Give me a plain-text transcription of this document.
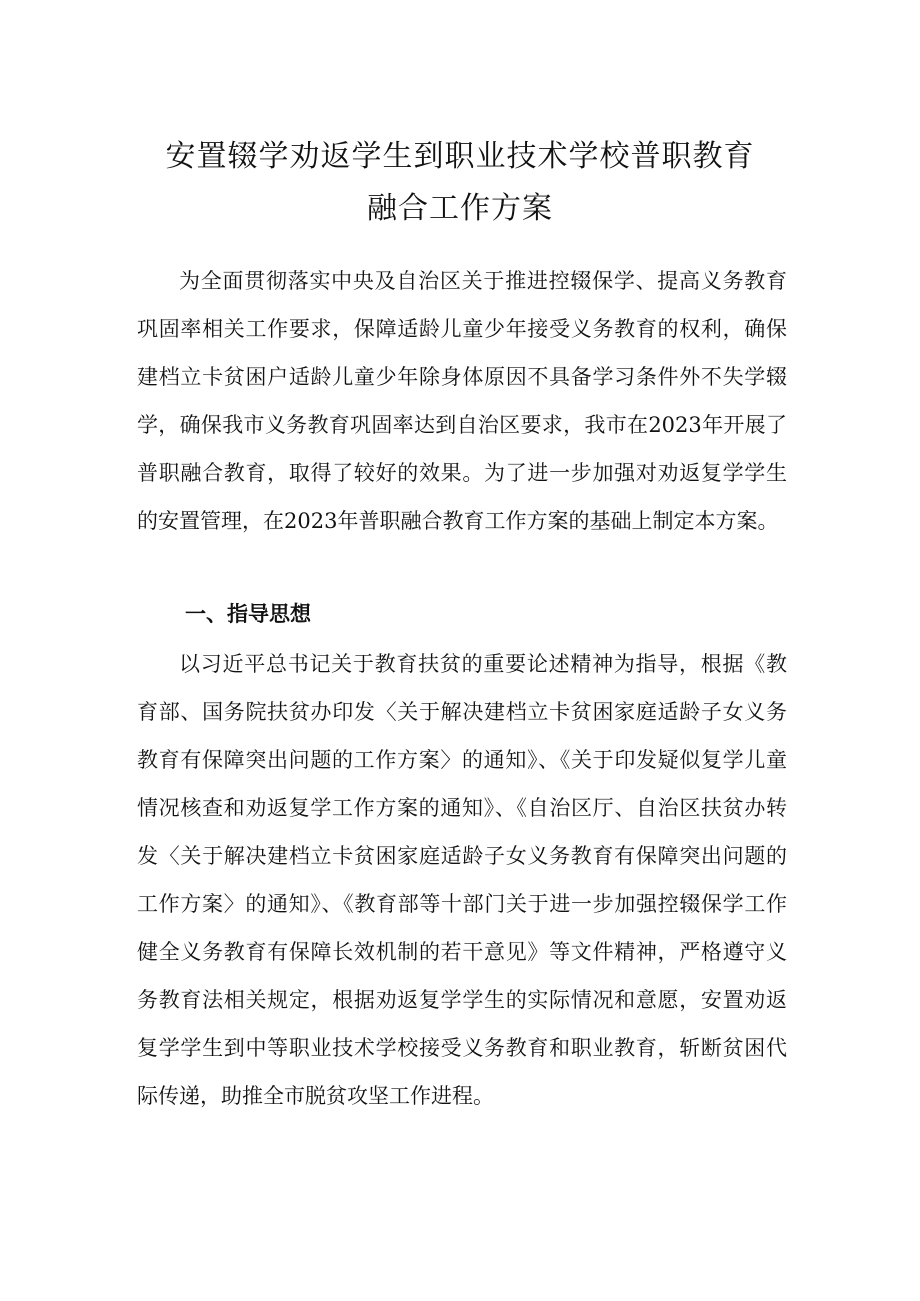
安置辍学劝返学生到职业技术学校普职教育
融合工作方案

为全面贯彻落实中央及自治区关于推进控辍保学、提高义务教育巩固率相关工作要求，保障适龄儿童少年接受义务教育的权利，确保建档立卡贫困户适龄儿童少年除身体原因不具备学习条件外不失学辍学，确保我市义务教育巩固率达到自治区要求，我市在2023年开展了普职融合教育，取得了较好的效果。为了进一步加强对劝返复学学生的安置管理，在2023年普职融合教育工作方案的基础上制定本方案。

一、指导思想

以习近平总书记关于教育扶贫的重要论述精神为指导，根据《教育部、国务院扶贫办印发〈关于解决建档立卡贫困家庭适龄子女义务教育有保障突出问题的工作方案〉的通知》、《关于印发疑似复学儿童情况核查和劝返复学工作方案的通知》、《自治区厅、自治区扶贫办转发〈关于解决建档立卡贫困家庭适龄子女义务教育有保障突出问题的工作方案〉的通知》、《教育部等十部门关于进一步加强控辍保学工作健全义务教育有保障长效机制的若干意见》等文件精神，严格遵守义务教育法相关规定，根据劝返复学学生的实际情况和意愿，安置劝返复学学生到中等职业技术学校接受义务教育和职业教育，斩断贫困代际传递，助推全市脱贫攻坚工作进程。
